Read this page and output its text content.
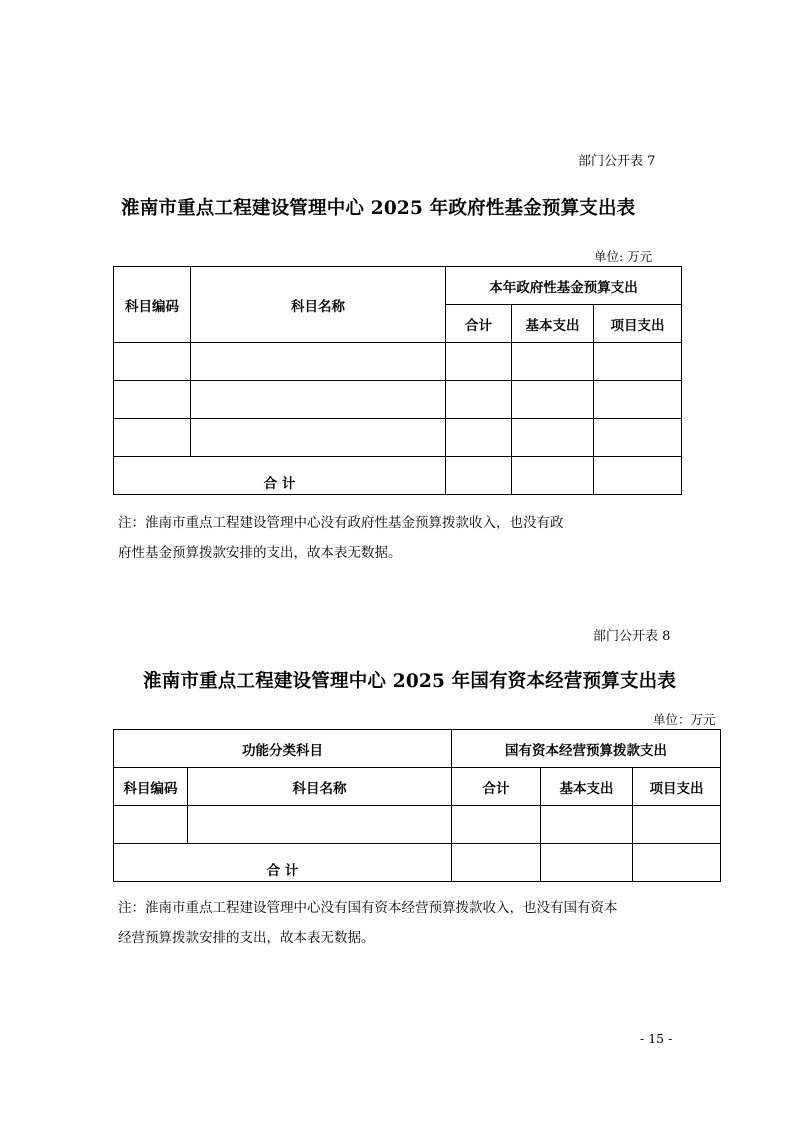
部门公开表 7
淮南市重点工程建设管理中心 2025 年政府性基金预算支出表
单位: 万元
科目编码	科目名称	本年政府性基金预算支出		
		合计	基本支出	项目支出

合 计				
注：淮南市重点工程建设管理中心没有政府性基金预算拨款收入，也没有政
府性基金预算拨款安排的支出，故本表无数据。
部门公开表 8
淮南市重点工程建设管理中心 2025 年国有资本经营预算支出表
单位：万元
功能分类科目		国有资本经营预算拨款支出		
科目编码	科目名称	合计	基本支出	项目支出

合 计				
注：淮南市重点工程建设管理中心没有国有资本经营预算拨款收入，也没有国有资本
经营预算拨款安排的支出，故本表无数据。
- 15 -
